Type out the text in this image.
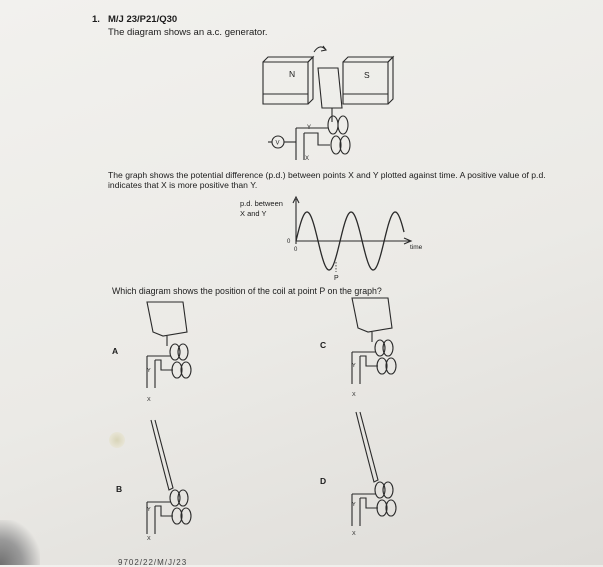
1. M/J 23/P21/Q30
The diagram shows an a.c. generator.
N	S
Y
X
V
p.d. between
X and Y
time
0
0
P
A
B
C
D
Y
X
Y
X
Y
X
Y
X
The graph shows the potential difference (p.d.) between points X and Y plotted against time. A positive value of p.d. indicates that X is more positive than Y.
Which diagram shows the position of the coil at point P on the graph?
9702/22/M/J/23
